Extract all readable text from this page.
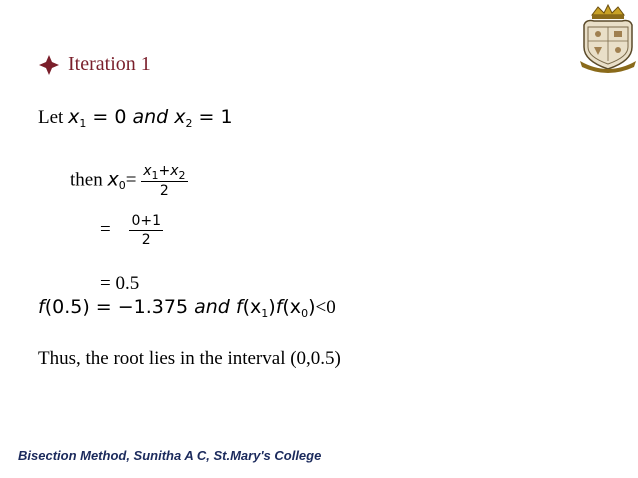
Iteration 1
Let $x_1 = 0$ and $x_2 = 1$
then $x_0= \frac{x_1+x_2}{2}$
= $\frac{0+1}{2}$
= 0.5
f(0.5) = −1.375 and $f(x_1)f(x_0)<0$
Thus, the root lies in the interval (0,0.5)
Bisection Method, Sunitha A C, St.Mary's College
